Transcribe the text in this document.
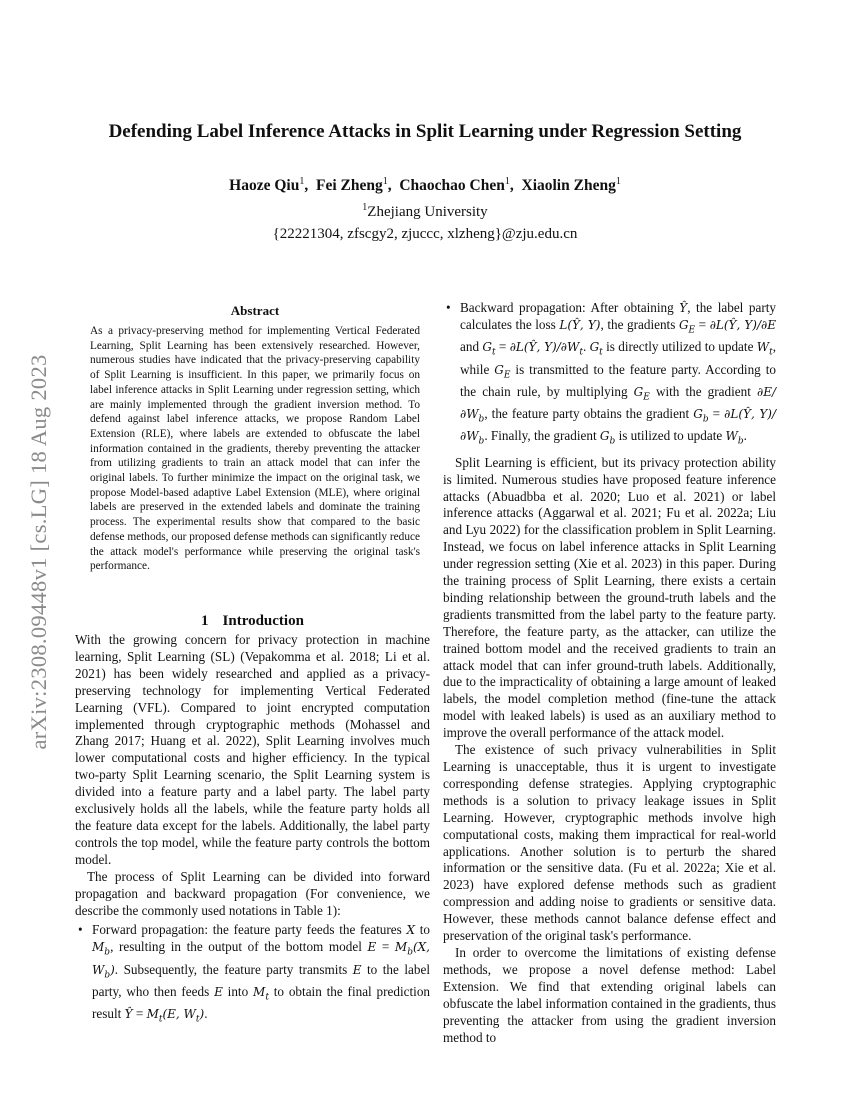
arXiv:2308.09448v1 [cs.LG] 18 Aug 2023
Defending Label Inference Attacks in Split Learning under Regression Setting
Haoze Qiu$^1$,  Fei Zheng$^1$,  Chaochao Chen$^1$,  Xiaolin Zheng$^1$
$^1$Zhejiang University
{22221304, zfscgy2, zjuccc, xlzheng}@zju.edu.cn
Abstract

As a privacy-preserving method for implementing Vertical Federated Learning, Split Learning has been extensively researched. However, numerous studies have indicated that the privacy-preserving capability of Split Learning is insufficient. In this paper, we primarily focus on label inference attacks in Split Learning under regression setting, which are mainly implemented through the gradient inversion method. To defend against label inference attacks, we propose Random Label Extension (RLE), where labels are extended to obfuscate the label information contained in the gradients, thereby preventing the attacker from utilizing gradients to train an attack model that can infer the original labels. To further minimize the impact on the original task, we propose Model-based adaptive Label Extension (MLE), where original labels are preserved in the extended labels and dominate the training process. The experimental results show that compared to the basic defense methods, our proposed defense methods can significantly reduce the attack model's performance while preserving the original task's performance.

1 Introduction

With the growing concern for privacy protection in machine learning, Split Learning (SL) (Vepakomma et al. 2018; Li et al. 2021) has been widely researched and applied as a privacy-preserving technology for implementing Vertical Federated Learning (VFL). Compared to joint encrypted computation implemented through cryptographic methods (Mohassel and Zhang 2017; Huang et al. 2022), Split Learning involves much lower computational costs and higher efficiency. In the typical two-party Split Learning scenario, the Split Learning system is divided into a feature party and a label party. The label party exclusively holds all the labels, while the feature party holds all the feature data except for the labels. Additionally, the label party controls the top model, while the feature party controls the bottom model.

The process of Split Learning can be divided into forward propagation and backward propagation (For convenience, we describe the commonly used notations in Table 1):

• Forward propagation: the feature party feeds the features X to $M_b$, resulting in the output of the bottom model $E = M_b(X$, $W_b$). Subsequently, the feature party transmits E to the label party, who then feeds E into $M_t$ to obtain the final prediction result Ŷ = $M_t(E$, $W_t$).
• Backward propagation: After obtaining Ŷ, the label party calculates the loss L(Ŷ, Y), the gradients $G_E$ = ∂L(Ŷ, Y)/∂E and $G_t$ = ∂L(Ŷ, $Y)/\partial W_t$. $G_t$ is directly utilized to update $W_t$, while $G_E$ is transmitted to the feature party. According to the chain rule, by multiplying $G_E$ with the gradient $\partial E/\partial W_b$, the feature party obtains the gradient $G_b$ = ∂L(Ŷ, $Y)/\partial W_b$. Finally, the gradient $G_b$ is utilized to update $W_b$.

Split Learning is efficient, but its privacy protection ability is limited. Numerous studies have proposed feature inference attacks (Abuadbba et al. 2020; Luo et al. 2021) or label inference attacks (Aggarwal et al. 2021; Fu et al. 2022a; Liu and Lyu 2022) for the classification problem in Split Learning. Instead, we focus on label inference attacks in Split Learning under regression setting (Xie et al. 2023) in this paper. During the training process of Split Learning, there exists a certain binding relationship between the ground-truth labels and the gradients transmitted from the label party to the feature party. Therefore, the feature party, as the attacker, can utilize the trained bottom model and the received gradients to train an attack model that can infer ground-truth labels. Additionally, due to the impracticality of obtaining a large amount of leaked labels, the model completion method (fine-tune the attack model with leaked labels) is used as an auxiliary method to improve the overall performance of the attack model.

The existence of such privacy vulnerabilities in Split Learning is unacceptable, thus it is urgent to investigate corresponding defense strategies. Applying cryptographic methods is a solution to privacy leakage issues in Split Learning. However, cryptographic methods involve high computational costs, making them impractical for real-world applications. Another solution is to perturb the shared information or the sensitive data. (Fu et al. 2022a; Xie et al. 2023) have explored defense methods such as gradient compression and adding noise to gradients or sensitive data. However, these methods cannot balance defense effect and preservation of the original task's performance.

In order to overcome the limitations of existing defense methods, we propose a novel defense method: Label Extension. We find that extending original labels can obfuscate the label information contained in the gradients, thus preventing the attacker from using the gradient inversion method to
